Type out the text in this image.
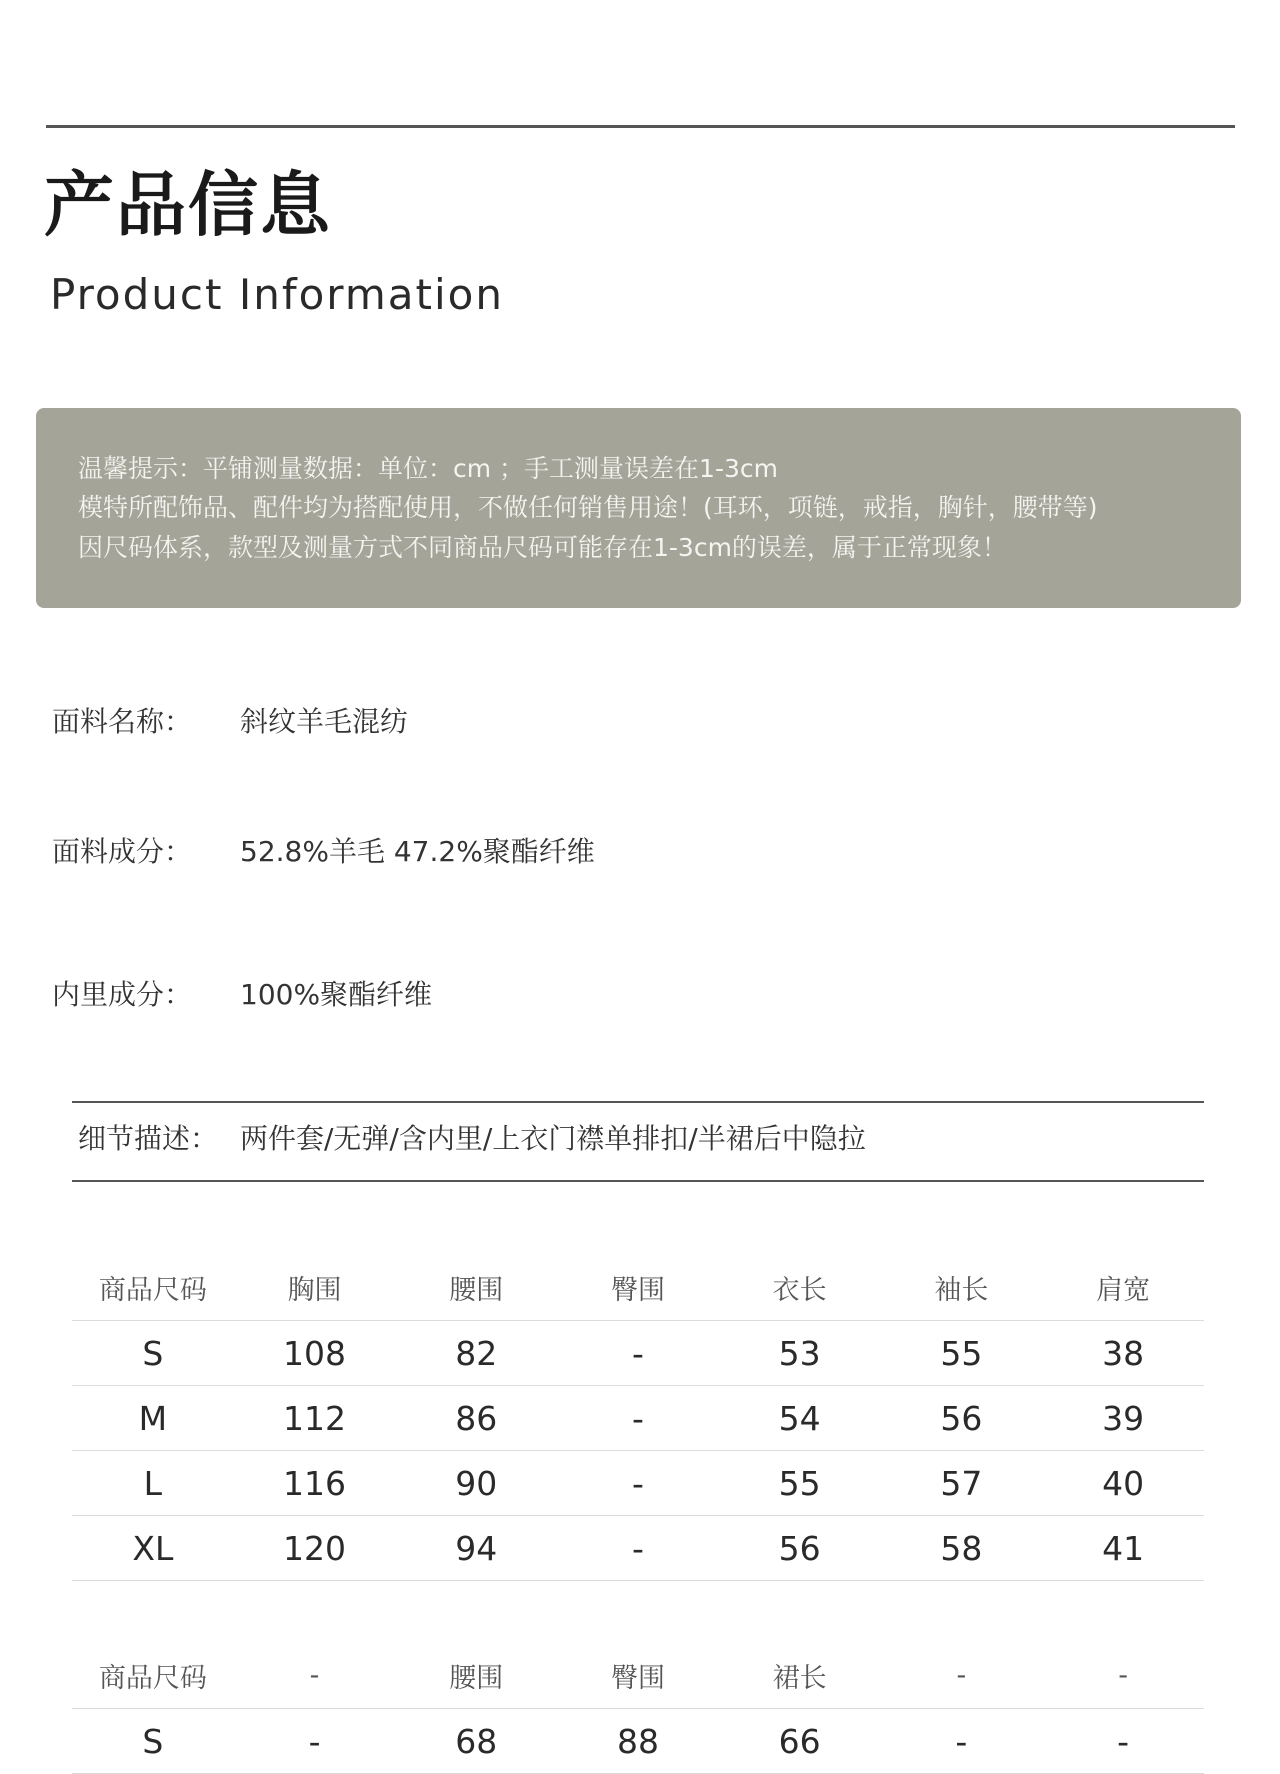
产品信息
Product Information
温馨提示：平铺测量数据：单位：cm ；手工测量误差在1-3cm
模特所配饰品、配件均为搭配使用，不做任何销售用途！(耳环，项链，戒指，胸针，腰带等)
因尺码体系，款型及测量方式不同商品尺码可能存在1-3cm的误差，属于正常现象！
面料名称： 斜纹羊毛混纺
面料成分： 52.8%羊毛 47.2%聚酯纤维
内里成分： 100%聚酯纤维
细节描述： 两件套/无弹/含内里/上衣门襟单排扣/半裙后中隐拉
商品尺码	胸围	腰围	臀围	衣长	袖长	肩宽
S	108	82	-	53	55	38
M	112	86	-	54	56	39
L	116	90	-	55	57	40
XL	120	94	-	56	58	41
商品尺码	-	腰围	臀围	裙长	-	-
S	-	68	88	66	-	-
